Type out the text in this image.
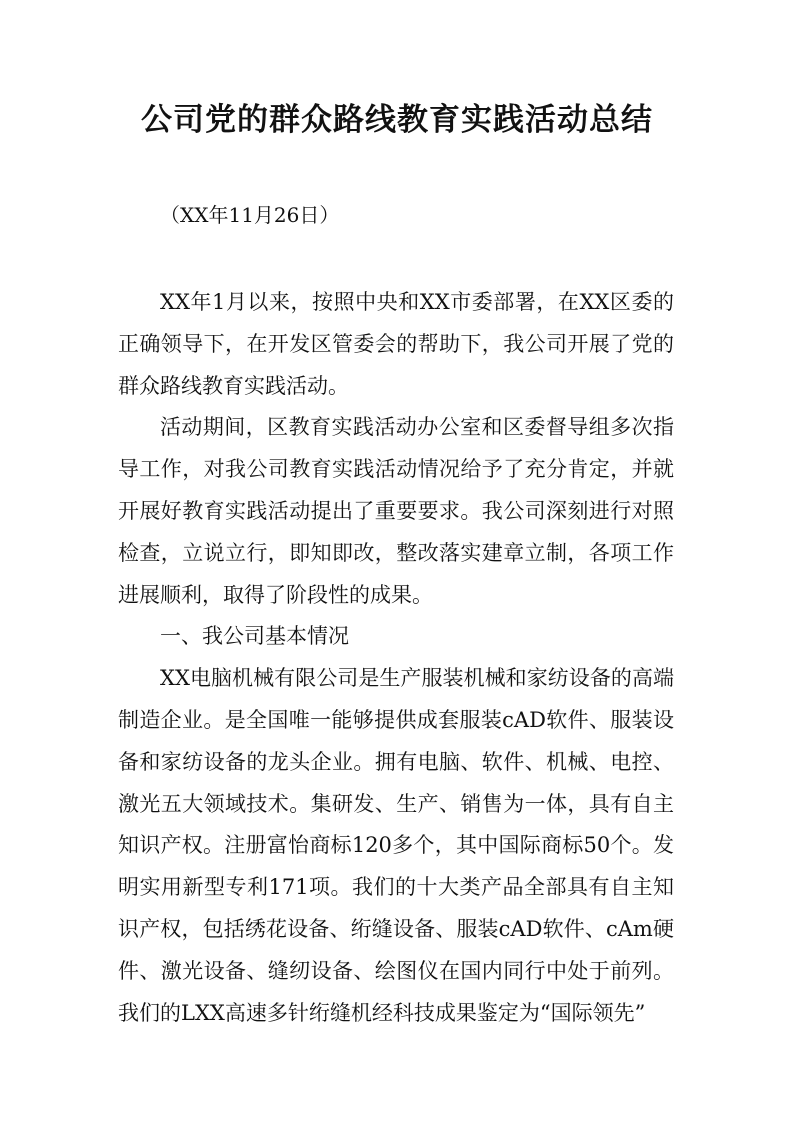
公司党的群众路线教育实践活动总结
（XX年11月26日）

XX年1月以来，按照中央和XX市委部署，在XX区委的正确领导下，在开发区管委会的帮助下，我公司开展了党的群众路线教育实践活动。

活动期间，区教育实践活动办公室和区委督导组多次指导工作，对我公司教育实践活动情况给予了充分肯定，并就开展好教育实践活动提出了重要要求。我公司深刻进行对照检查，立说立行，即知即改，整改落实建章立制，各项工作进展顺利，取得了阶段性的成果。

一、我公司基本情况

XX电脑机械有限公司是生产服装机械和家纺设备的高端制造企业。是全国唯一能够提供成套服装cAD软件、服装设备和家纺设备的龙头企业。拥有电脑、软件、机械、电控、激光五大领域技术。集研发、生产、销售为一体，具有自主知识产权。注册富怡商标120多个，其中国际商标50个。发明实用新型专利171项。我们的十大类产品全部具有自主知识产权，包括绣花设备、绗缝设备、服装cAD软件、cAm硬件、激光设备、缝纫设备、绘图仪在国内同行中处于前列。我们的LXX高速多针绗缝机经科技成果鉴定为“国际领先”
